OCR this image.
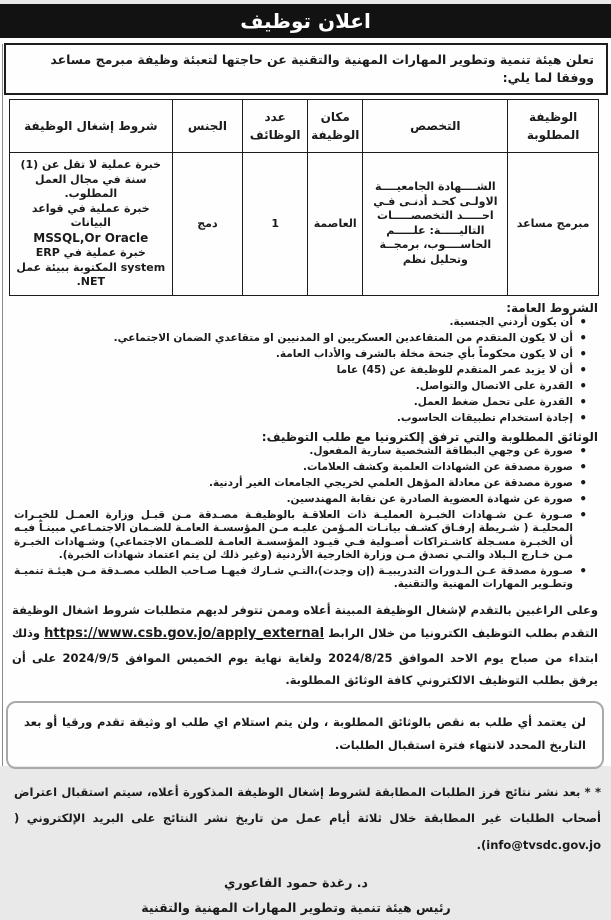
اعلان توظيف
تعلن هيئة تنمية وتطوير المهارات المهنية والتقنية عن حاجتها لتعبئة وظيفة مبرمج مساعد ووفقا لما يلي:
الوظيفة المطلوبة	التخصص	مكان الوظيفة	عدد الوظائف	الجنس	شروط إشغال الوظيفة
مبرمج مساعد	الشــــهادة الجامعيــــة الاولـى كحـد أدنـى فـي احـــــد التخصصـــــات التاليـــــة: علـــــم الحاســــوب، برمجــة وتحليل نظم	العاصمة	1	دمج	خبرة عملية لا تقل عن (1) سنة في مجال العمل المطلوب.
خبرة عملية في قواعد البيانات
MSSQL,Or Oracle
خبرة عملية في ERP system المكتوبة ببيئة عمل NET.
الشروط العامة:
• أن يكون أردني الجنسية.
• أن لا يكون المتقدم من المتقاعدين العسكريين او المدنيين او متقاعدي الضمان الاجتماعي.
• أن لا يكون محكوماً بأي جنحة مخلة بالشرف والأداب العامة.
• أن لا يزيد عمر المتقدم للوظيفة عن (45) عاما
• القدرة على الاتصال والتواصل.
• القدرة على تحمل ضغط العمل.
• إجادة استخدام تطبيقات الحاسوب.
الوثائق المطلوبة والتي ترفق إلكترونيا مع طلب التوظيف:
• صورة عن وجهي البطاقة الشخصية سارية المفعول.
• صورة مصدقة عن الشهادات العلمية وكشف العلامات.
• صورة مصدقة عن معادلة المؤهل العلمي لخريجي الجامعات الغير أردنية.
• صورة عن شهادة العضوية الصادرة عن نقابة المهندسين.
• صـورة عـن شـهادات الخبـرة العمليـة ذات العلاقـة بالوظيفـة مصـدقة مـن قبـل وزارة العمـل للخبـرات المحليـة ( شـريطة إرفـاق كشـف بيانـات المـؤمن عليـه مـن المؤسسـة العامـة للضـمان الاجتمـاعي مبينـاً فيـه أن الخبـرة مسـجلة كاشـتراكات أصـولية فـي قيـود المؤسسـة العامـة للضـمان الاجتماعي) وشـهادات الخبـرة مـن خـارج الـبلاد والتـي تصدق مـن وزارة الخارجية الأردنية (وغير ذلك لن يتم اعتماد شهادات الخبرة).
• صـورة مصدقة عـن الـدورات التدريبيـة (إن وجدت)،التـي شـارك فيهـا صـاحب الطلب مصـدقة مـن هيئـة تنميـة وتطـوير المهارات المهنية والتقنية.

وعلى الراغبين بالتقدم لإشغال الوظيفة المبينة أعلاه وممن تتوفر لديهم متطلبات شروط اشغال الوظيفة التقدم بطلب التوظيف الكترونيا من خلال الرابط https://www.csb.gov.jo/apply_external وذلك ابتداء من صباح يوم الاحد الموافق 2024/8/25 ولغاية نهاية يوم الخميس الموافق 2024/9/5 على أن يرفق بطلب التوظيف الالكتروني كافة الوثائق المطلوبة.

لن يعتمد أي طلب به نقص بالوثائق المطلوبة ، ولن يتم استلام اي طلب او وثيقة تقدم ورقيا أو بعد التاريخ المحدد لانتهاء فترة استقبال الطلبات.

* * بعد نشر نتائج فرز الطلبات المطابقة لشروط إشغال الوظيفة المذكورة أعلاه، سيتم استقبال اعتراض أصحاب الطلبات غير المطابقة خلال ثلاثة أيام عمل من تاريخ نشر النتائج على البريد الإلكتروني ( info@tvsdc.gov.jo).

د. رغدة حمود الفاعوري
رئيس هيئة تنمية وتطوير المهارات المهنية والتقنية
